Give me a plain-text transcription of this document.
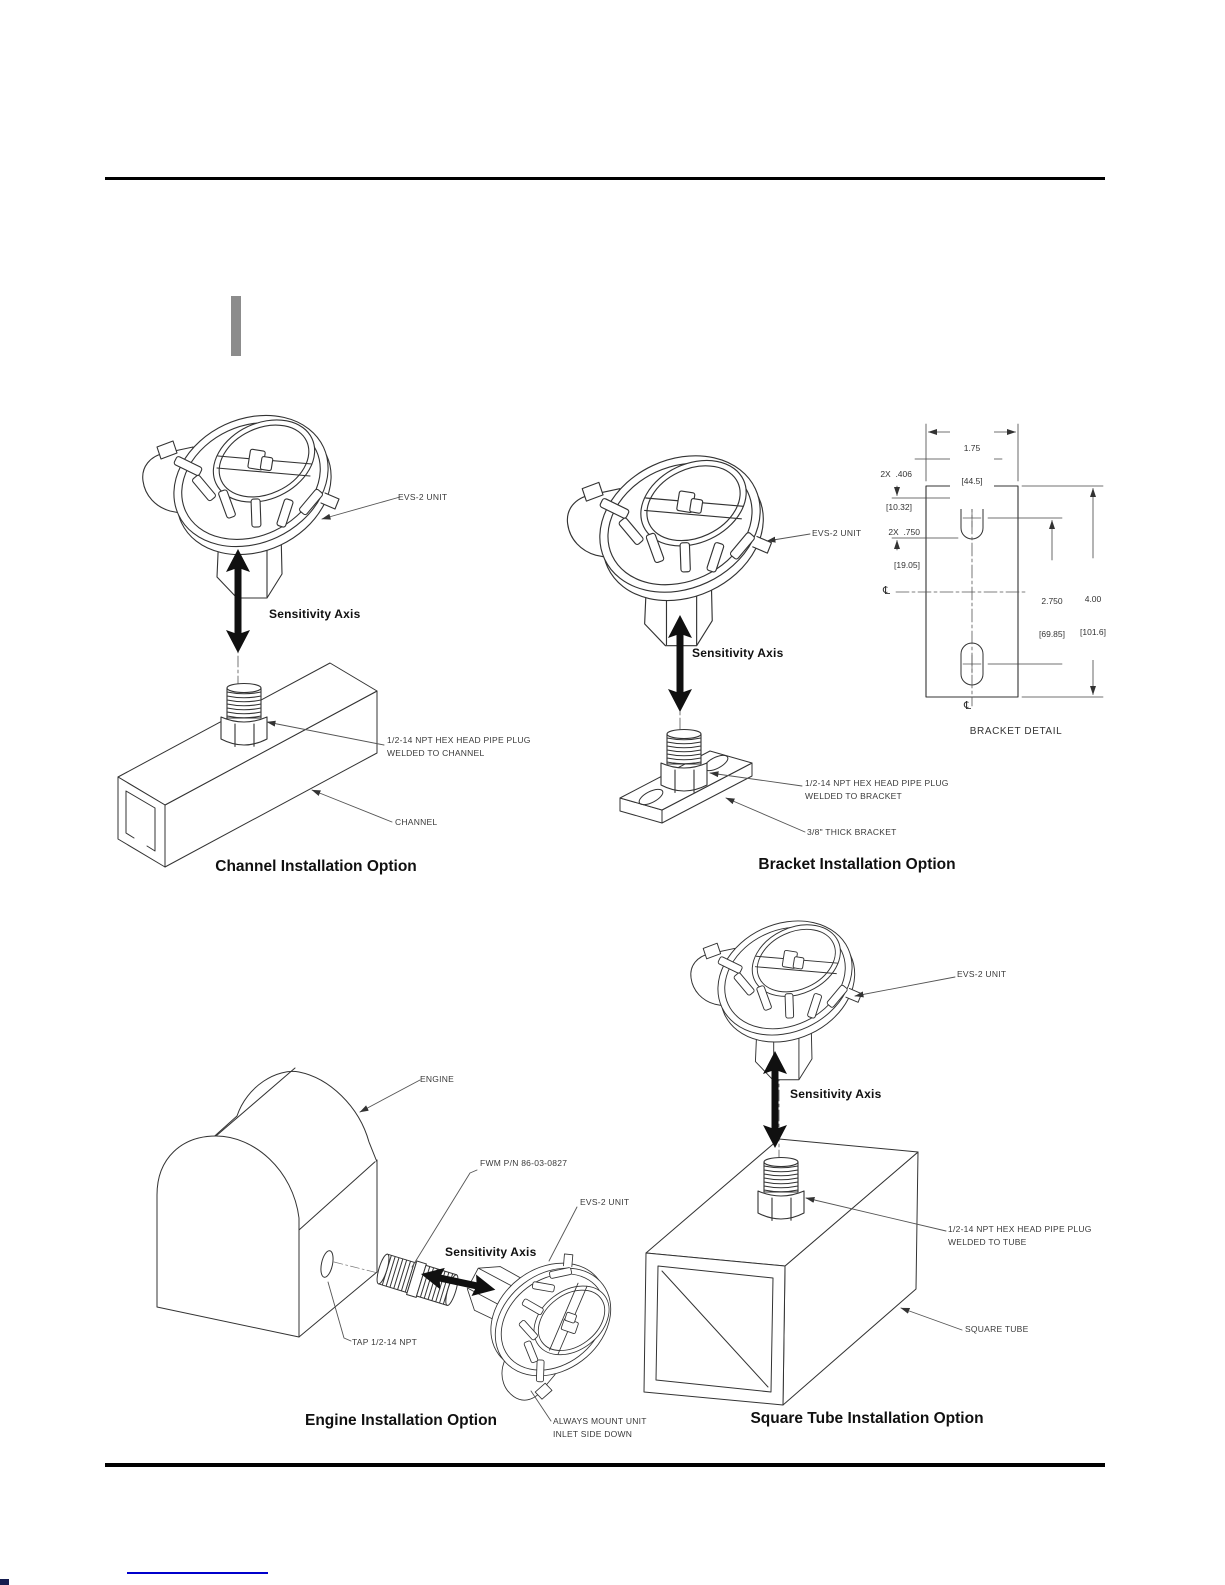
EVS-2 UNIT
Sensitivity Axis
1/2-14 NPT HEX HEAD PIPE PLUG
WELDED TO CHANNEL
CHANNEL
Channel Installation Option
EVS-2 UNIT
Sensitivity Axis
1/2-14 NPT HEX HEAD PIPE PLUG
WELDED TO BRACKET
3/8" THICK BRACKET
Bracket Installation Option

1.75

[44.5]

2X  .406

[10.32]

2X  .750

[19.05]

2.750

[69.85]

4.00

[101.6]

℄
℄
BRACKET DETAIL
ENGINE
TAP 1/2-14 NPT
FWM P/N 86-03-0827
EVS-2 UNIT
Sensitivity Axis
ALWAYS MOUNT UNIT
INLET SIDE DOWN
Engine Installation Option
EVS-2 UNIT
Sensitivity Axis
1/2-14 NPT HEX HEAD PIPE PLUG
WELDED TO TUBE
SQUARE TUBE
Square Tube Installation Option
